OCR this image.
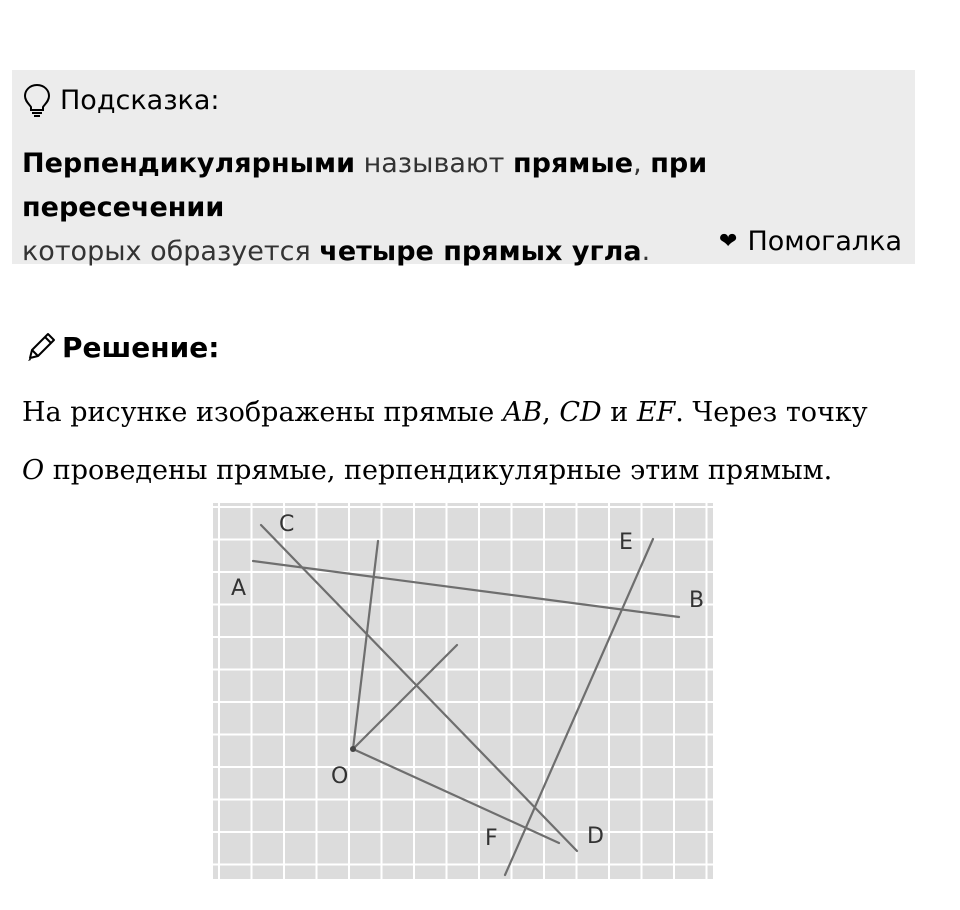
Подсказка:
Перпендикулярными называют прямые, при пересечении
которых образуется четыре прямых угла.	❤ Помогалка
Решение:
На рисунке изображены прямые AB, CD и EF. Через точку
O проведены прямые, перпендикулярные этим прямым.
A	B
C
D
E
F
O
